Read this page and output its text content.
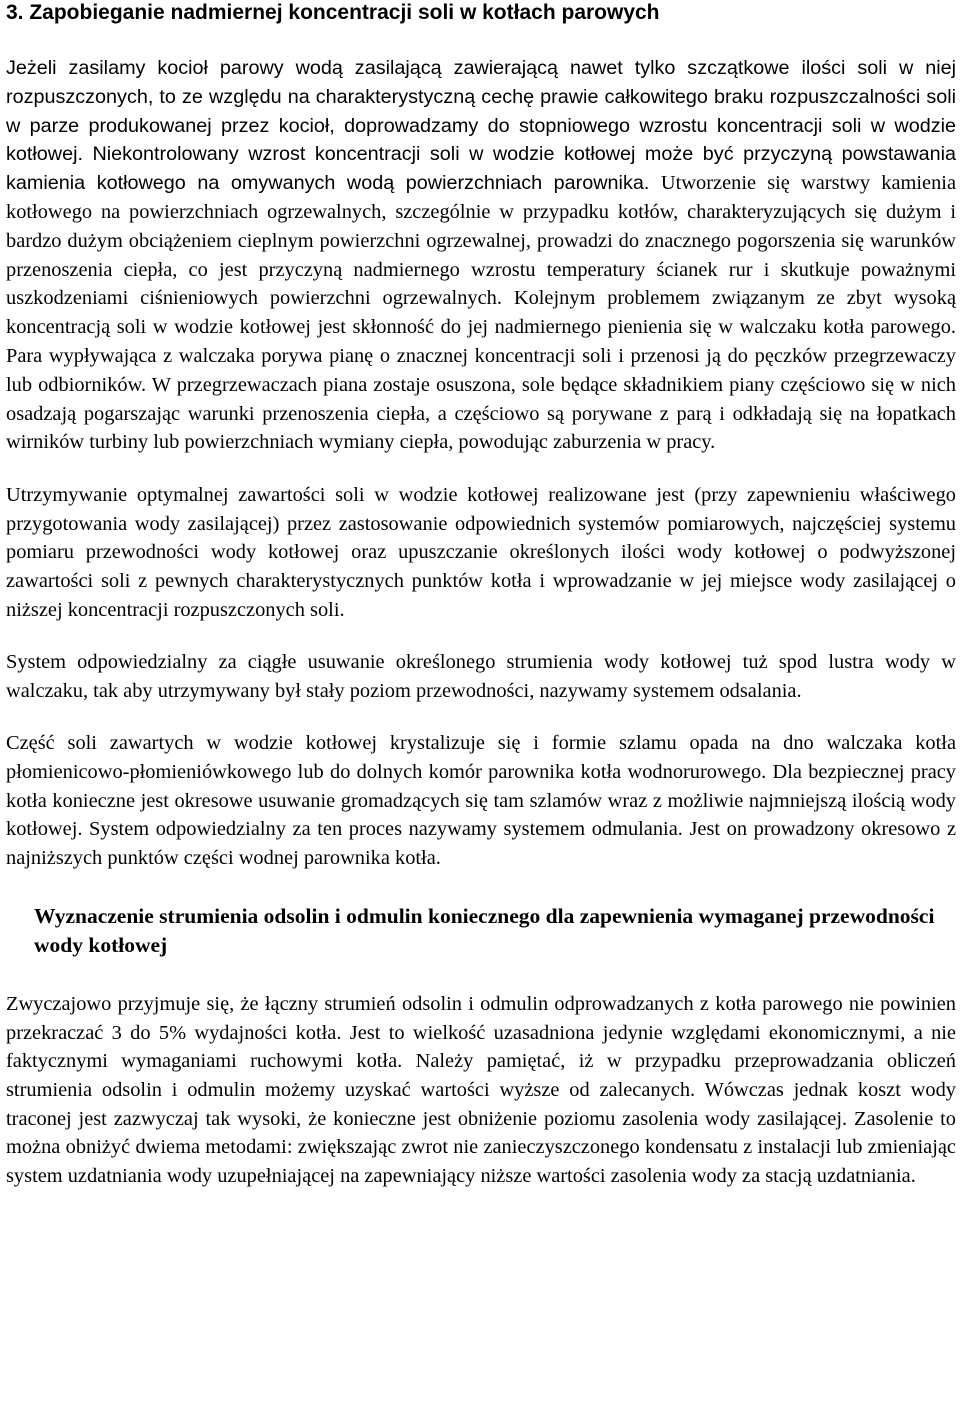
3. Zapobieganie nadmiernej koncentracji soli w kotłach parowych

Jeżeli zasilamy kocioł parowy wodą zasilającą zawierającą nawet tylko szczątkowe ilości soli w niej rozpuszczonych, to ze względu na charakterystyczną cechę prawie całkowitego braku rozpuszczalności soli w parze produkowanej przez kocioł, doprowadzamy do stopniowego wzrostu koncentracji soli w wodzie kotłowej. Niekontrolowany wzrost koncentracji soli w wodzie kotłowej może być przyczyną powstawania kamienia kotłowego na omywanych wodą powierzchniach parownika. Utworzenie się warstwy kamienia kotłowego na powierzchniach ogrzewalnych, szczególnie w przypadku kotłów, charakteryzujących się dużym i bardzo dużym obciążeniem cieplnym powierzchni ogrzewalnej, prowadzi do znacznego pogorszenia się warunków przenoszenia ciepła, co jest przyczyną nadmiernego wzrostu temperatury ścianek rur i skutkuje poważnymi uszkodzeniami ciśnieniowych powierzchni ogrzewalnych. Kolejnym problemem związanym ze zbyt wysoką koncentracją soli w wodzie kotłowej jest skłonność do jej nadmiernego pienienia się w walczaku kotła parowego. Para wypływająca z walczaka porywa pianę o znacznej koncentracji soli i przenosi ją do pęczków przegrzewaczy lub odbiorników. W przegrzewaczach piana zostaje osuszona, sole będące składnikiem piany częściowo się w nich osadzają pogarszając warunki przenoszenia ciepła, a częściowo są porywane z parą i odkładają się na łopatkach wirników turbiny lub powierzchniach wymiany ciepła, powodując zaburzenia w pracy.

Utrzymywanie optymalnej zawartości soli w wodzie kotłowej realizowane jest (przy zapewnieniu właściwego przygotowania wody zasilającej) przez zastosowanie odpowiednich systemów pomiarowych, najczęściej systemu pomiaru przewodności wody kotłowej oraz upuszczanie określonych ilości wody kotłowej o podwyższonej zawartości soli z pewnych charakterystycznych punktów kotła i wprowadzanie w jej miejsce wody zasilającej o niższej koncentracji rozpuszczonych soli.

System odpowiedzialny za ciągłe usuwanie określonego strumienia wody kotłowej tuż spod lustra wody w walczaku, tak aby utrzymywany był stały poziom przewodności, nazywamy systemem odsalania.

Część soli zawartych w wodzie kotłowej krystalizuje się i formie szlamu opada na dno walczaka kotła płomienicowo-płomieniówkowego lub do dolnych komór parownika kotła wodnorurowego. Dla bezpiecznej pracy kotła konieczne jest okresowe usuwanie gromadzących się tam szlamów wraz z możliwie najmniejszą ilością wody kotłowej. System odpowiedzialny za ten proces nazywamy systemem odmulania. Jest on prowadzony okresowo z najniższych punktów części wodnej parownika kotła.

Wyznaczenie strumienia odsolin i odmulin koniecznego dla zapewnienia wymaganej przewodności wody kotłowej

Zwyczajowo przyjmuje się, że łączny strumień odsolin i odmulin odprowadzanych z kotła parowego nie powinien przekraczać 3 do 5% wydajności kotła. Jest to wielkość uzasadniona jedynie względami ekonomicznymi, a nie faktycznymi wymaganiami ruchowymi kotła. Należy pamiętać, iż w przypadku przeprowadzania obliczeń strumienia odsolin i odmulin możemy uzyskać wartości wyższe od zalecanych. Wówczas jednak koszt wody traconej jest zazwyczaj tak wysoki, że konieczne jest obniżenie poziomu zasolenia wody zasilającej. Zasolenie to można obniżyć dwiema metodami: zwiększając zwrot nie zanieczyszczonego kondensatu z instalacji lub zmieniając system uzdatniania wody uzupełniającej na zapewniający niższe wartości zasolenia wody za stacją uzdatniania.
